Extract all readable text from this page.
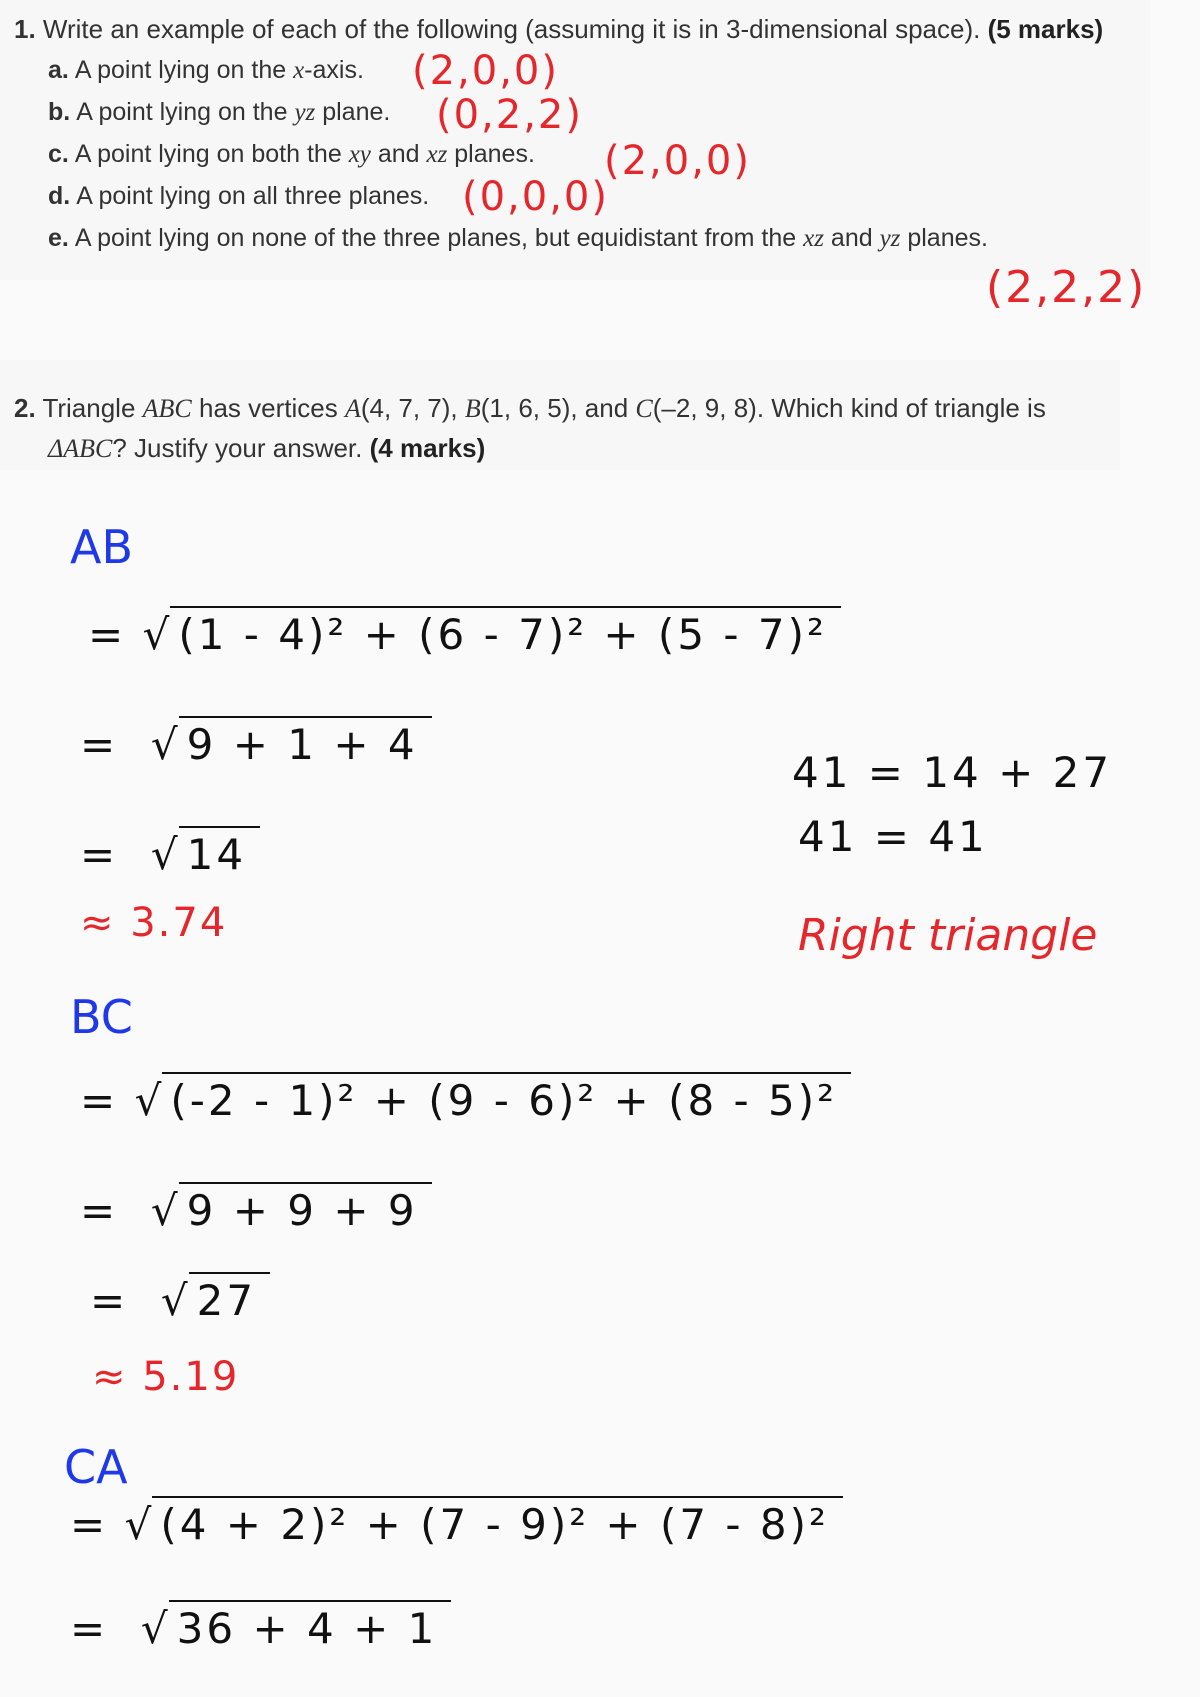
1. Write an example of each of the following (assuming it is in 3-dimensional space). (5 marks)
a. A point lying on the x-axis. (2,0,0)
b. A point lying on the yz plane. (0,2,2)
c. A point lying on both the xy and xz planes. (2,0,0)
d. A point lying on all three planes. (0,0,0)
e. A point lying on none of the three planes, but equidistant from the xz and yz planes.
(2,2,2)
2. Triangle ABC has vertices A(4, 7, 7), B(1, 6, 5), and C(–2, 9, 8). Which kind of triangle is
ΔABC? Justify your answer. (4 marks)
AB
= √ (1 - 4)² + (6 - 7)² + (5 - 7)²
= √ 9 + 1 + 4
= √ 14
≈ 3.74
41 = 14 + 27
41 = 41
Right triangle
BC
= √ (-2 - 1)² + (9 - 6)² + (8 - 5)²
= √ 9 + 9 + 9
= √ 27
≈ 5.19
CA
= √ (4 + 2)² + (7 - 9)² + (7 - 8)²
= √ 36 + 4 + 1
